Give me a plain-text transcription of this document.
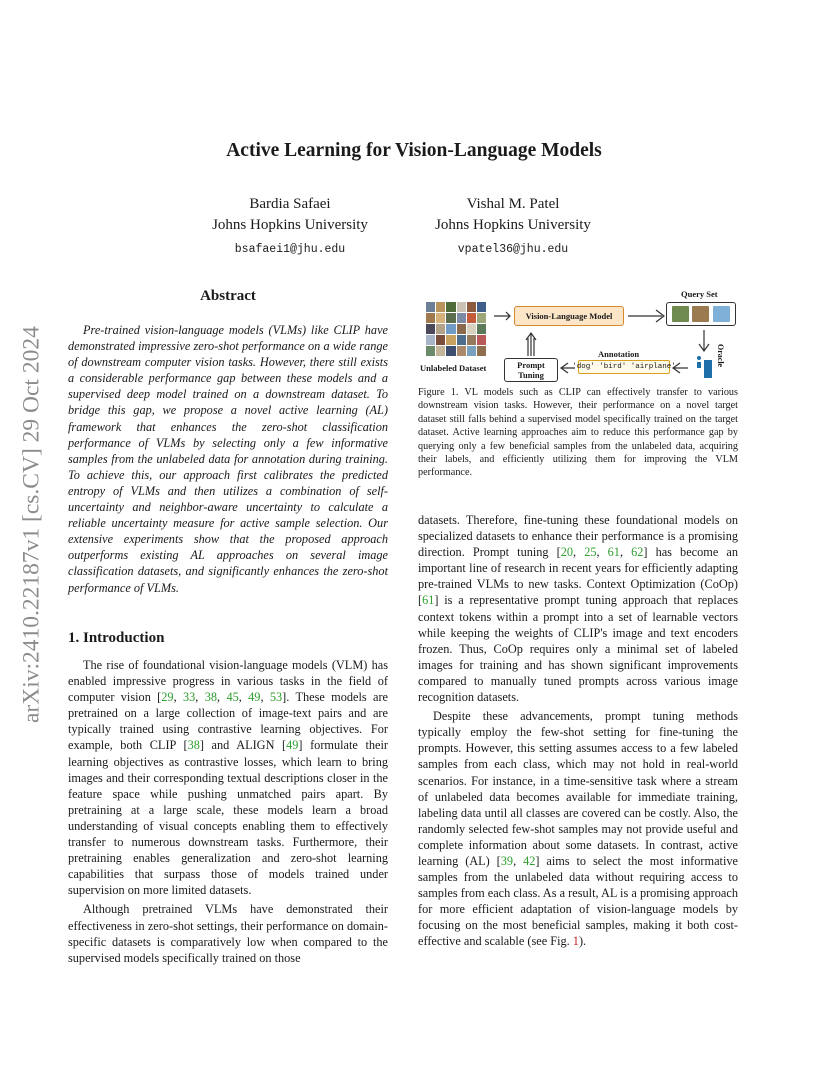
arXiv:2410.22187v1 [cs.CV] 29 Oct 2024
Active Learning for Vision-Language Models
Bardia Safaei
Johns Hopkins University
bsafaei1@jhu.edu
Vishal M. Patel
Johns Hopkins University
vpatel36@jhu.edu
Abstract

Pre-trained vision-language models (VLMs) like CLIP have demonstrated impressive zero-shot performance on a wide range of downstream computer vision tasks. However, there still exists a considerable performance gap between these models and a supervised deep model trained on a downstream dataset. To bridge this gap, we propose a novel active learning (AL) framework that enhances the zero-shot classification performance of VLMs by selecting only a few informative samples from the unlabeled data for annotation during training. To achieve this, our approach first calibrates the predicted entropy of VLMs and then utilizes a combination of self-uncertainty and neighbor-aware uncertainty to calculate a reliable uncertainty measure for active sample selection. Our extensive experiments show that the proposed approach outperforms existing AL approaches on several image classification datasets, and significantly enhances the zero-shot performance of VLMs.

1. Introduction

The rise of foundational vision-language models (VLM) has enabled impressive progress in various tasks in the field of computer vision [29, 33, 38, 45, 49, 53]. These models are pretrained on a large collection of image-text pairs and are typically trained using contrastive learning objectives. For example, both CLIP [38] and ALIGN [49] formulate their learning objectives as contrastive losses, which learn to bring images and their corresponding textual descriptions closer in the feature space while pushing unmatched pairs apart. By pretraining at a large scale, these models learn a broad understanding of visual concepts enabling them to effectively transfer to numerous downstream tasks. Furthermore, their pretraining enables generalization and zero-shot learning capabilities that surpass those of models trained under supervision on more limited datasets.

Although pretrained VLMs have demonstrated their effectiveness in zero-shot settings, their performance on domain-specific datasets is comparatively low when compared to the supervised models specifically trained on those

Query Set
Unlabeled Dataset
Vision-Language Model
Prompt Tuning
Annotation
'dog' 'bird' 'airplane'	Oracle
Figure 1. VL models such as CLIP can effectively transfer to various downstream vision tasks. However, their performance on a novel target dataset still falls behind a supervised model specifically trained on the target dataset. Active learning approaches aim to reduce this performance gap by querying only a few beneficial samples from the unlabeled data, acquiring their labels, and efficiently utilizing them for improving the VLM performance.

datasets. Therefore, fine-tuning these foundational models on specialized datasets to enhance their performance is a promising direction. Prompt tuning [20, 25, 61, 62] has become an important line of research in recent years for efficiently adapting pre-trained VLMs to new tasks. Context Optimization (CoOp) [61] is a representative prompt tuning approach that replaces context tokens within a prompt into a set of learnable vectors while keeping the weights of CLIP's image and text encoders frozen. Thus, CoOp requires only a minimal set of labeled images for training and has shown significant improvements compared to manually tuned prompts across various image recognition datasets.

Despite these advancements, prompt tuning methods typically employ the few-shot setting for fine-tuning the prompts. However, this setting assumes access to a few labeled samples from each class, which may not hold in real-world scenarios. For instance, in a time-sensitive task where a stream of unlabeled data becomes available for immediate training, labeling data until all classes are covered can be costly. Also, the randomly selected few-shot samples may not provide useful and complete information about some datasets. In contrast, active learning (AL) [39, 42] aims to select the most informative samples from the unlabeled data without requiring access to samples from each class. As a result, AL is a promising approach for more efficient adaptation of vision-language models by focusing on the most beneficial samples, making it both cost-effective and scalable (see Fig. 1).
